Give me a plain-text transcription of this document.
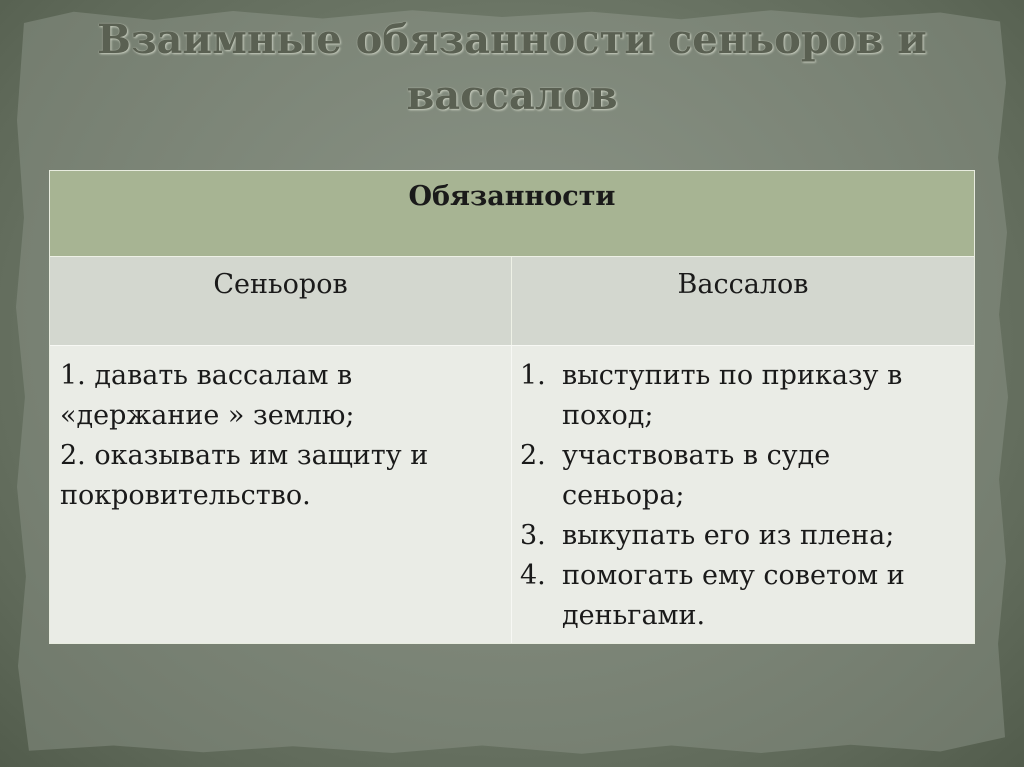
Взаимные обязанности сеньоров и вассалов
Обязанности
Сеньоров	Вассалов
1. давать вассалам в «держание » землю;
2. оказывать им защиту и покровительство.
1. выступить по приказу в поход;
2. участвовать в суде сеньора;
3. выкупать его из плена;
4. помогать ему советом и деньгами.
